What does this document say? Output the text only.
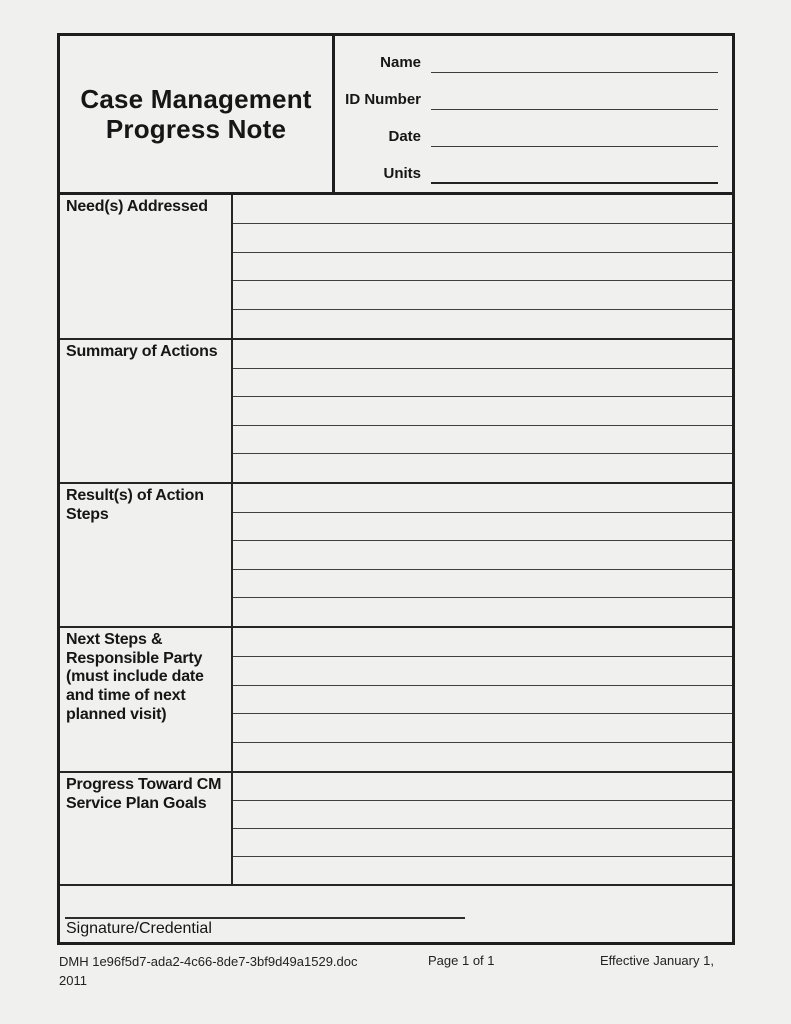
Case Management Progress Note
Name
ID Number
Date
Units
Need(s) Addressed
Summary of Actions
Result(s) of Action Steps
Next Steps & Responsible Party (must include date and time of next planned visit)
Progress Toward CM Service Plan Goals
Signature/Credential
DMH 1e96f5d7-ada2-4c66-8de7-3bf9d49a1529.doc 2011
Page 1 of 1	Effective January 1,
